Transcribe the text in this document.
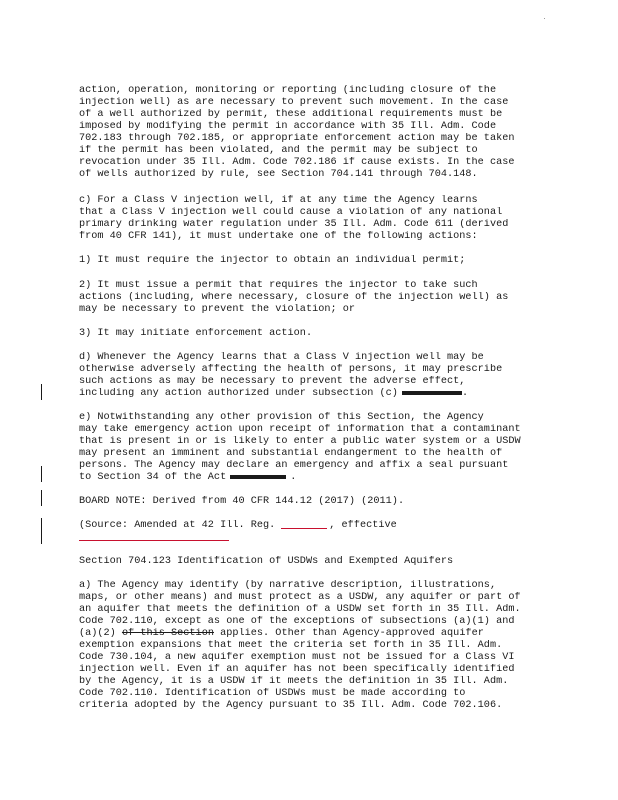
action, operation, monitoring or reporting (including closure of the
injection well) as are necessary to prevent such movement. In the case
of a well authorized by permit, these additional requirements must be
imposed by modifying the permit in accordance with 35 Ill. Adm. Code
702.183 through 702.185, or appropriate enforcement action may be taken
if the permit has been violated, and the permit may be subject to
revocation under 35 Ill. Adm. Code 702.186 if cause exists. In the case
of wells authorized by rule, see Section 704.141 through 704.148.
c) For a Class V injection well, if at any time the Agency learns
that a Class V injection well could cause a violation of any national
primary drinking water regulation under 35 Ill. Adm. Code 611 (derived
from 40 CFR 141), it must undertake one of the following actions:
1) It must require the injector to obtain an individual permit;
2) It must issue a permit that requires the injector to take such
actions (including, where necessary, closure of the injection well) as
may be necessary to prevent the violation; or
3) It may initiate enforcement action.
d) Whenever the Agency learns that a Class V injection well may be
otherwise adversely affecting the health of persons, it may prescribe
such actions as may be necessary to prevent the adverse effect,
including any action authorized under subsection (c)	.
e) Notwithstanding any other provision of this Section, the Agency
may take emergency action upon receipt of information that a contaminant
that is present in or is likely to enter a public water system or a USDW
may present an imminent and substantial endangerment to the health of
persons. The Agency may declare an emergency and affix a seal pursuant
to Section 34 of the Act	.
BOARD NOTE: Derived from 40 CFR 144.12 (2017) (2011).
(Source: Amended at 42 Ill. Reg.	, effective
Section 704.123 Identification of USDWs and Exempted Aquifers
a) The Agency may identify (by narrative description, illustrations,
maps, or other means) and must protect as a USDW, any aquifer or part of
an aquifer that meets the definition of a USDW set forth in 35 Ill. Adm.
Code 702.110, except as one of the exceptions of subsections (a)(1) and
(a)(2) of this Section applies. Other than Agency-approved aquifer
exemption expansions that meet the criteria set forth in 35 Ill. Adm.
Code 730.104, a new aquifer exemption must not be issued for a Class VI
injection well. Even if an aquifer has not been specifically identified
by the Agency, it is a USDW if it meets the definition in 35 Ill. Adm.
Code 702.110. Identification of USDWs must be made according to
criteria adopted by the Agency pursuant to 35 Ill. Adm. Code 702.106.
